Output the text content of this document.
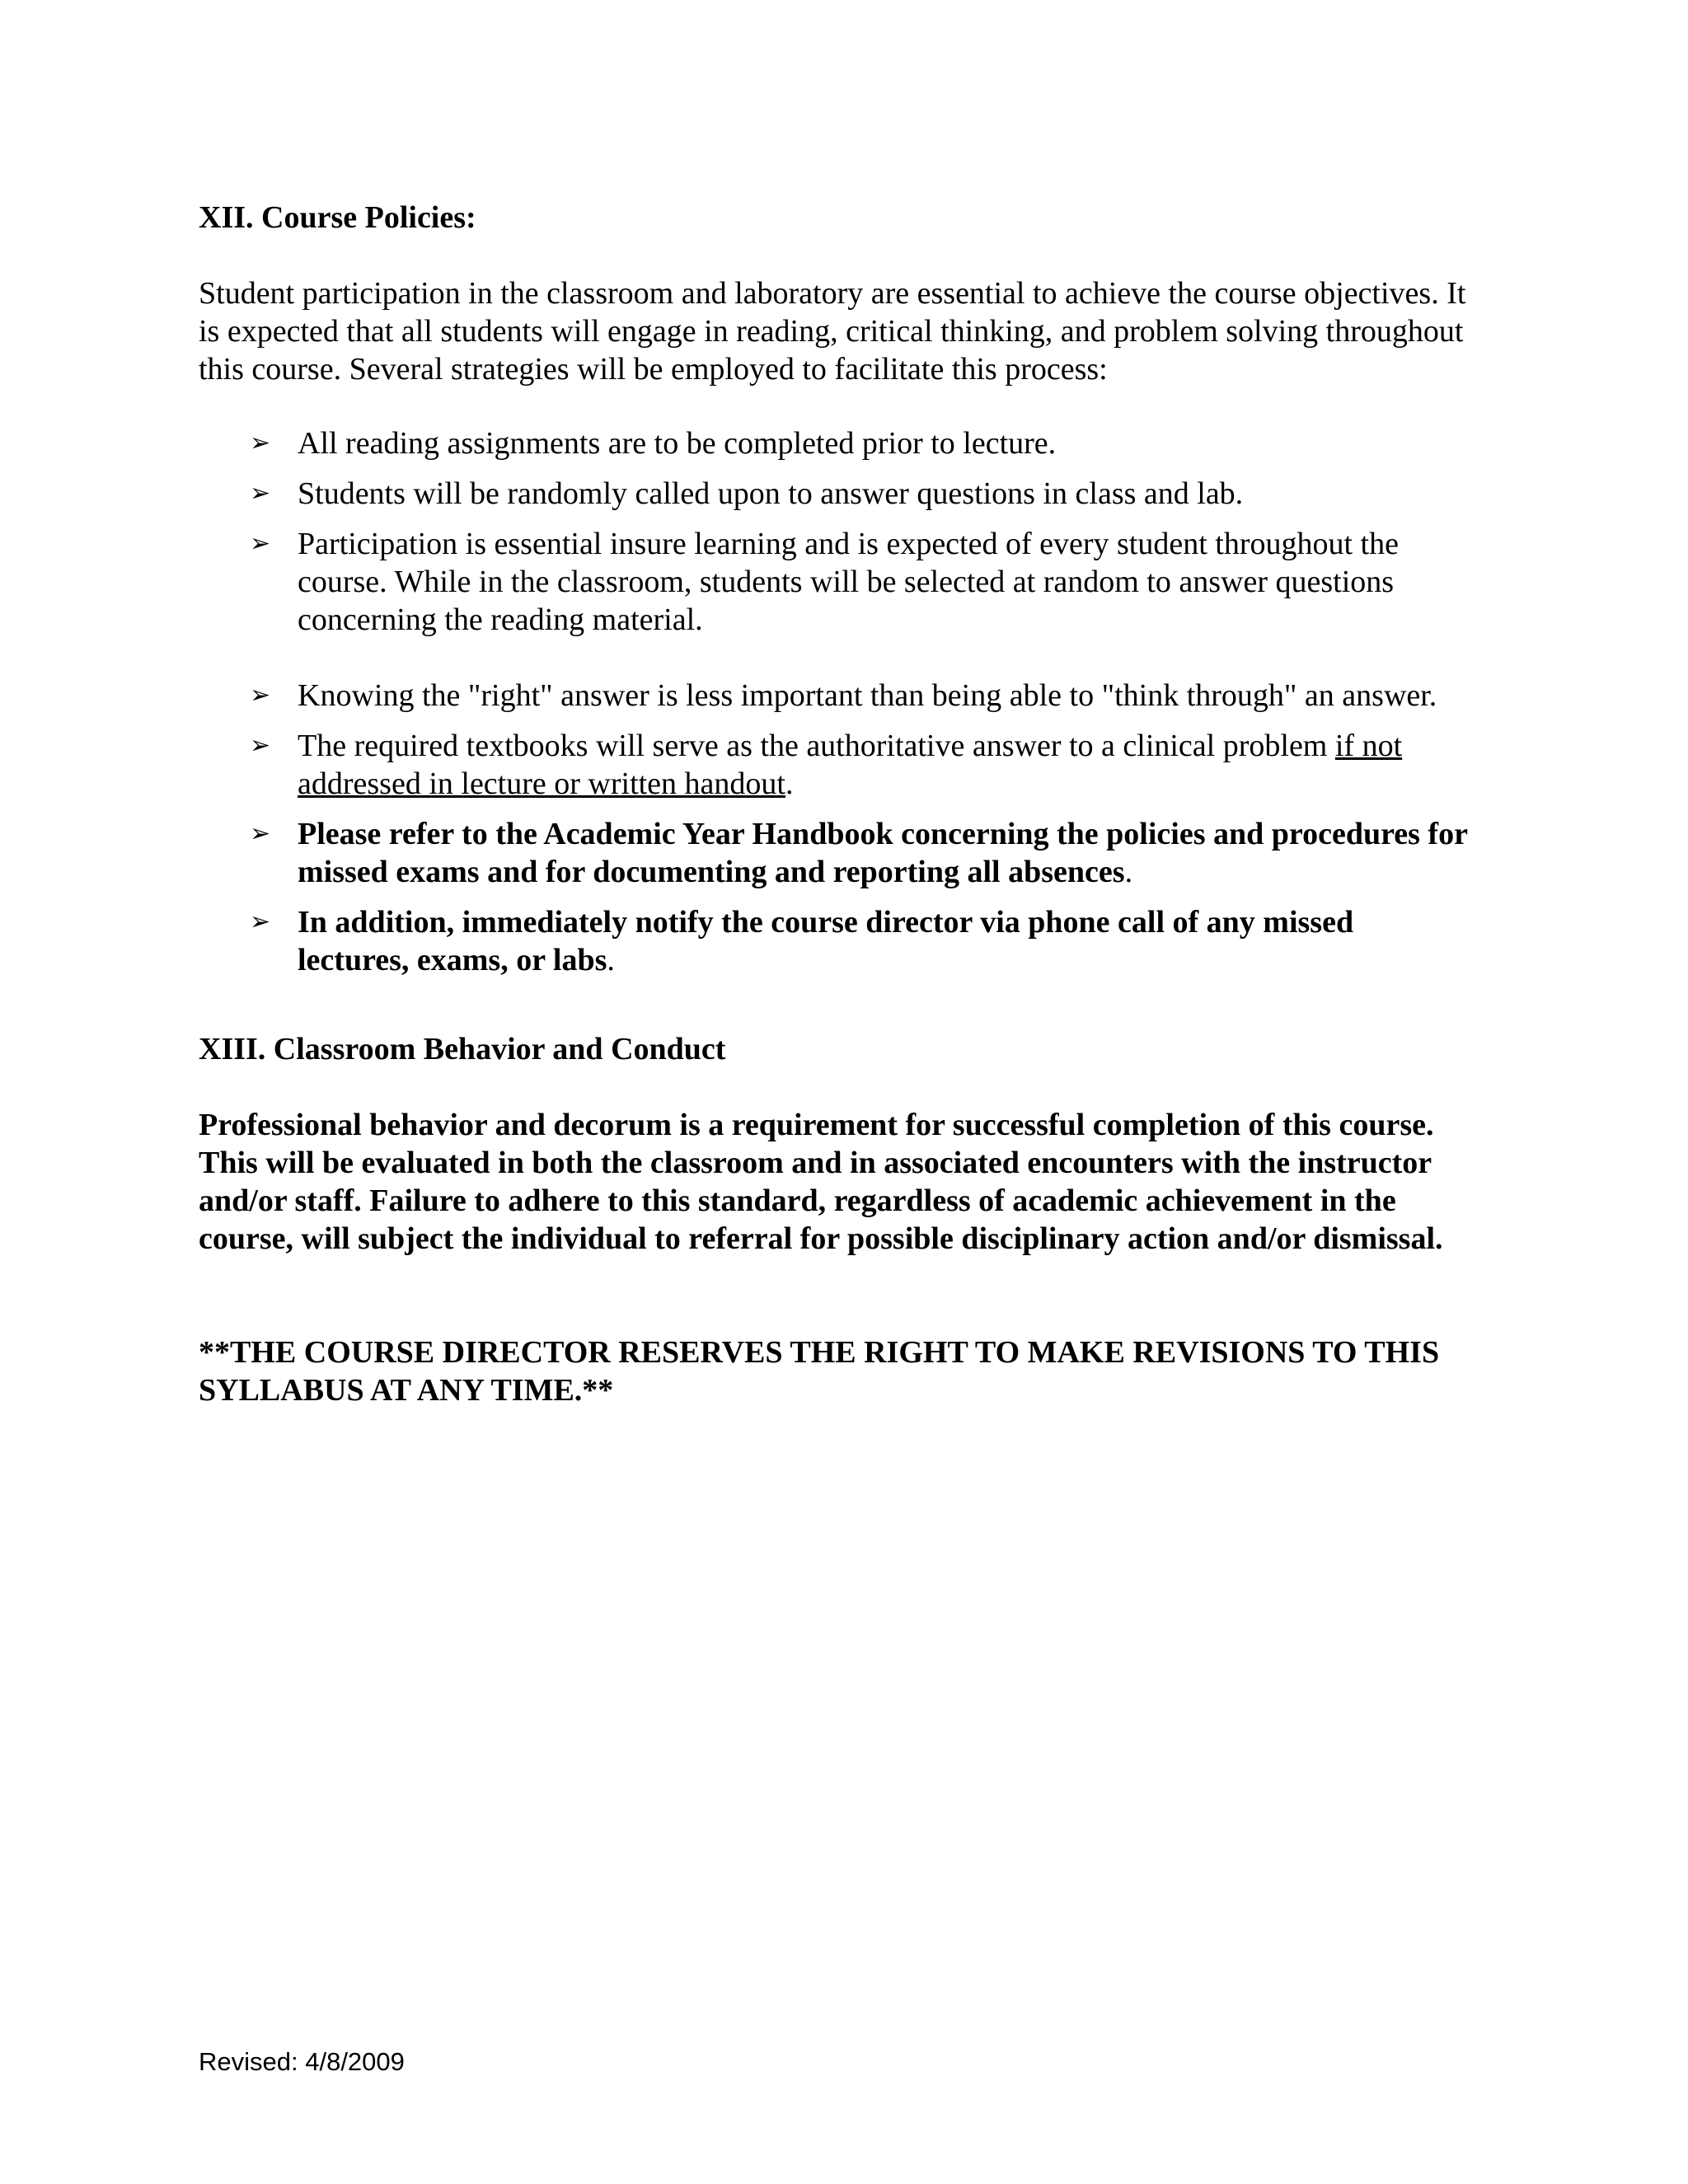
XII. Course Policies:

Student participation in the classroom and laboratory are essential to achieve the course objectives. It is expected that all students will engage in reading, critical thinking, and problem solving throughout this course. Several strategies will be employed to facilitate this process:

➢ All reading assignments are to be completed prior to lecture.
➢ Students will be randomly called upon to answer questions in class and lab.
➢ Participation is essential insure learning and is expected of every student throughout the course. While in the classroom, students will be selected at random to answer questions concerning the reading material.
➢ Knowing the "right" answer is less important than being able to "think through" an answer.
➢ The required textbooks will serve as the authoritative answer to a clinical problem if not addressed in lecture or written handout.
➢ Please refer to the Academic Year Handbook concerning the policies and procedures for missed exams and for documenting and reporting all absences.
➢ In addition, immediately notify the course director via phone call of any missed lectures, exams, or labs.

XIII. Classroom Behavior and Conduct

Professional behavior and decorum is a requirement for successful completion of this course. This will be evaluated in both the classroom and in associated encounters with the instructor and/or staff. Failure to adhere to this standard, regardless of academic achievement in the course, will subject the individual to referral for possible disciplinary action and/or dismissal.

**THE COURSE DIRECTOR RESERVES THE RIGHT TO MAKE REVISIONS TO THIS SYLLABUS AT ANY TIME.**

Revised: 4/8/2009
